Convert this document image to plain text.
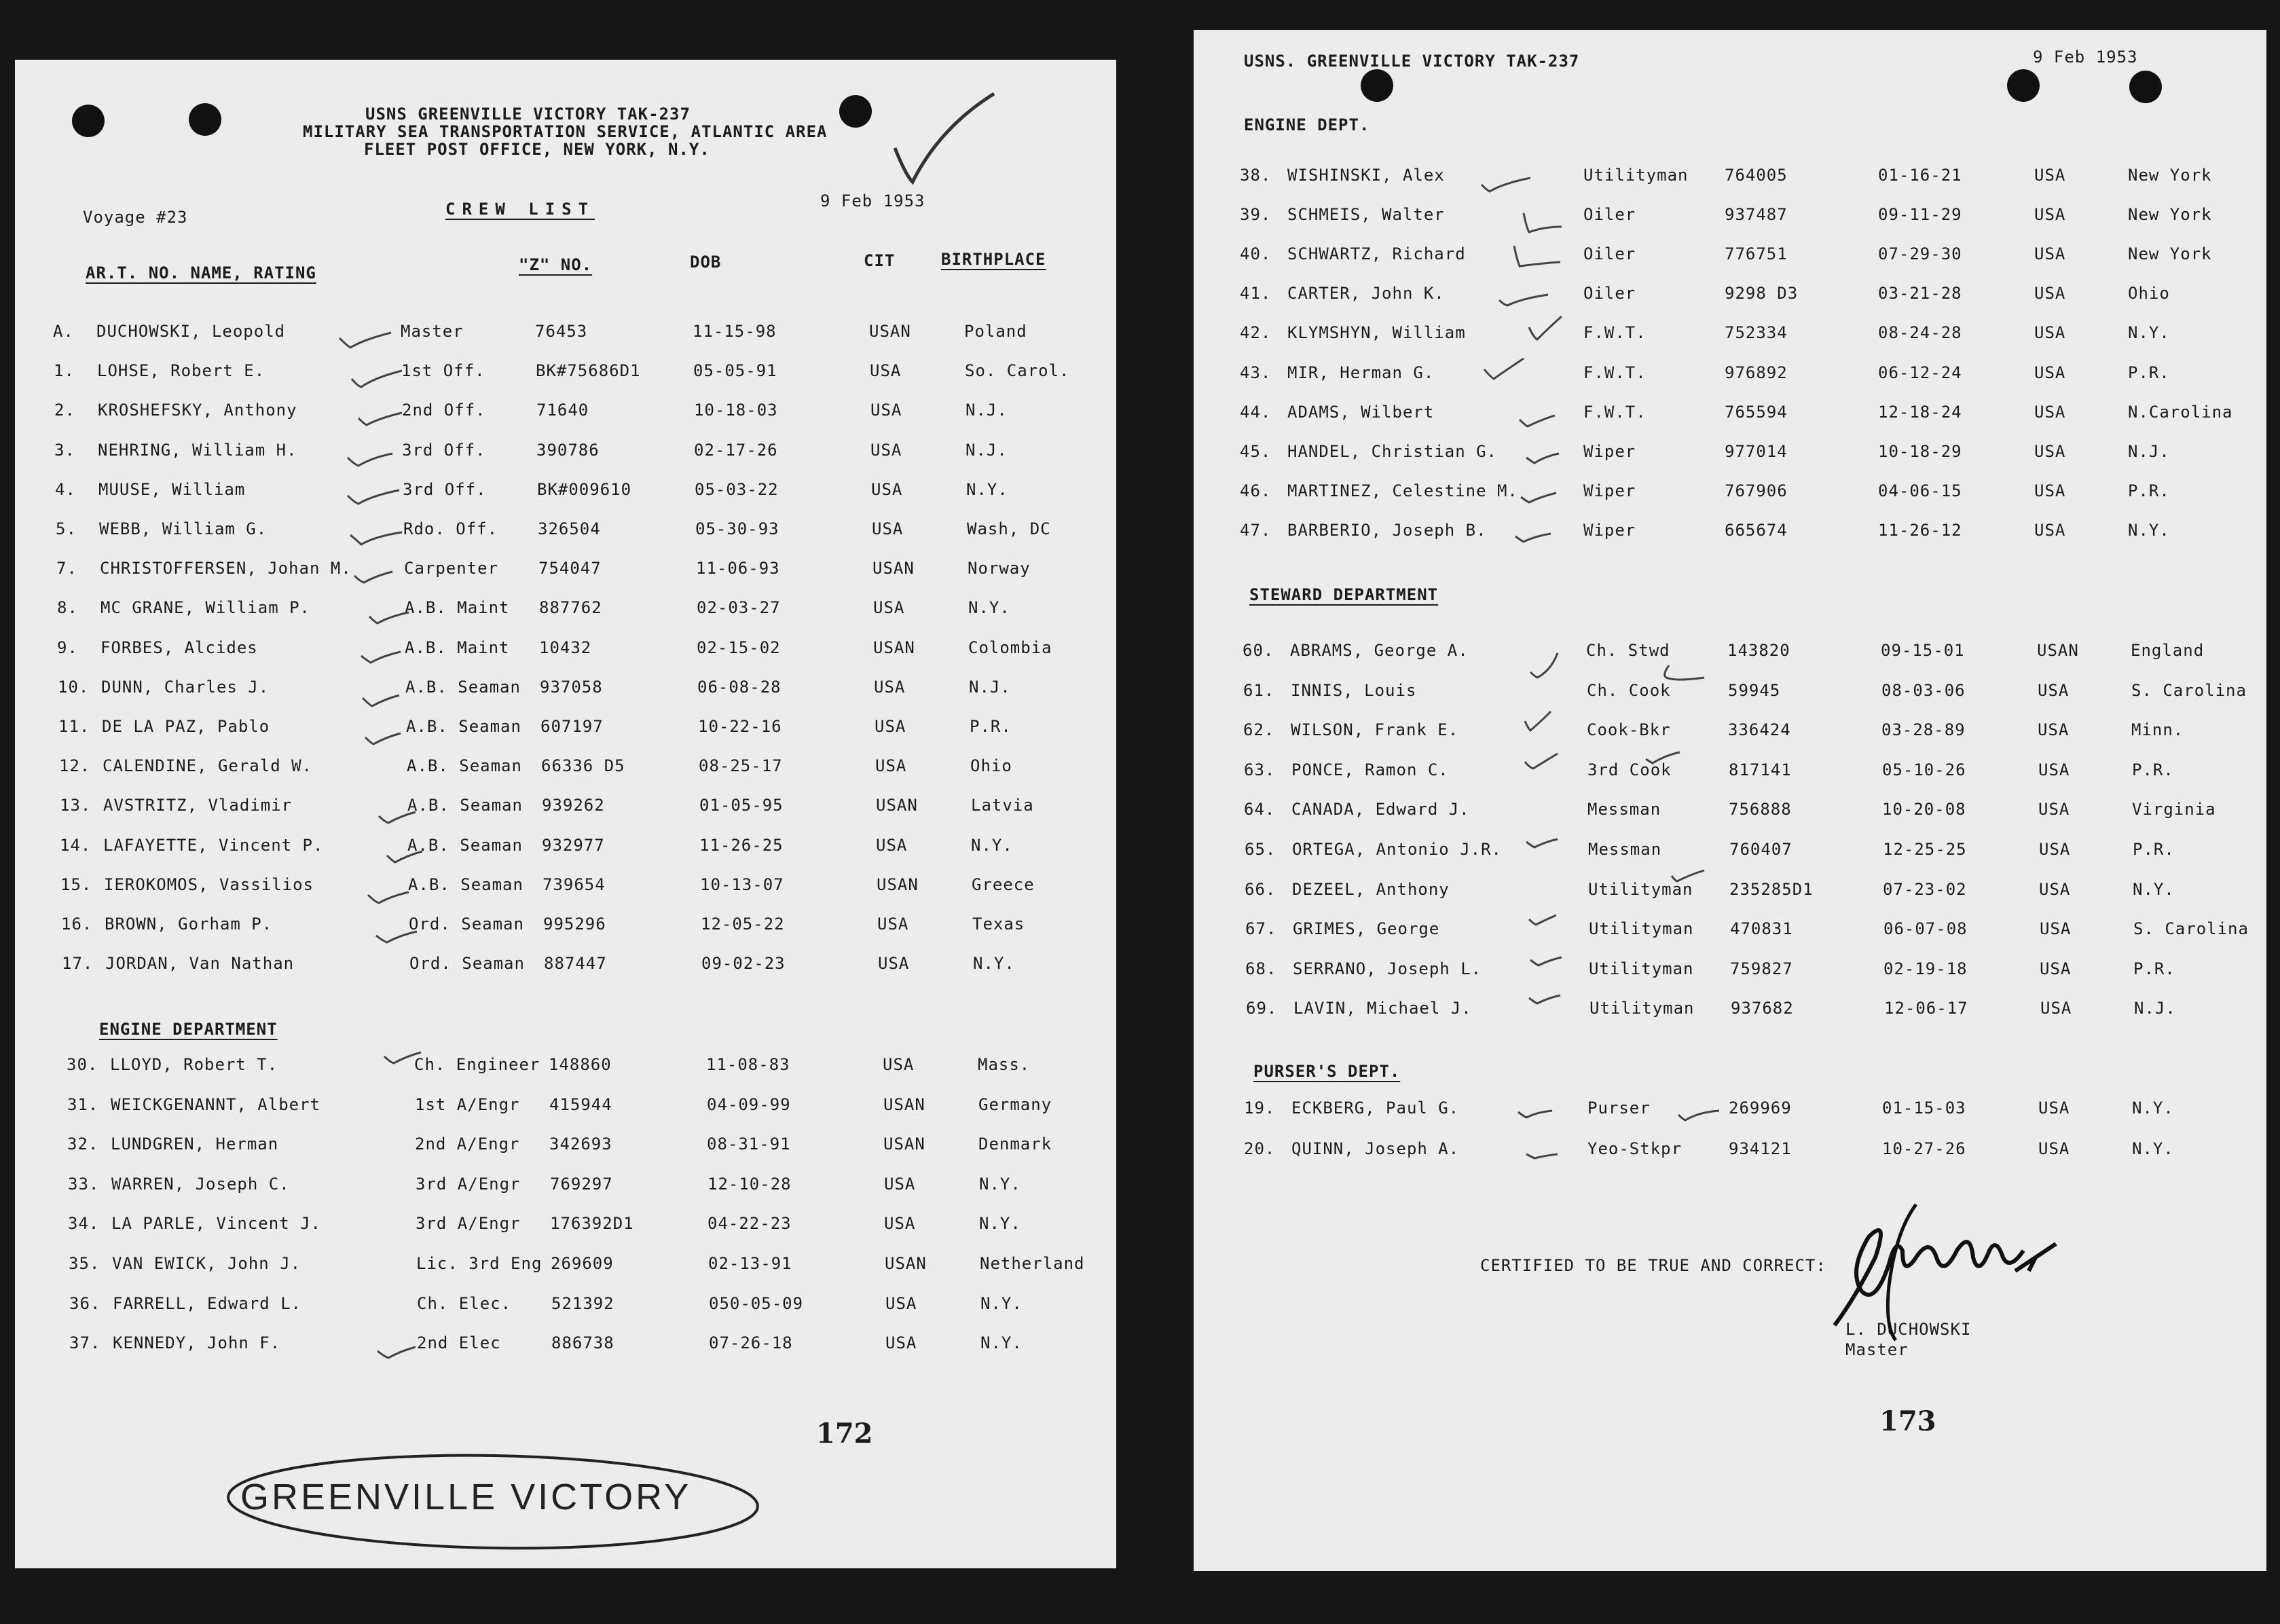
USNS GREENVILLE VICTORY TAK-237
MILITARY SEA TRANSPORTATION SERVICE, ATLANTIC AREA
FLEET POST OFFICE, NEW YORK, N.Y.
Voyage #23	CREW LIST	9 Feb 1953
AR.T. NO. NAME, RATING	"Z" NO.	DOB	CIT	BIRTHPLACE
A. DUCHOWSKI, Leopold	Master	76453	11-15-98	USAN	Poland
1. LOHSE, Robert E.	1st Off.	BK#75686D1	05-05-91	USA	So. Carol.
2. KROSHEFSKY, Anthony	2nd Off.	71640	10-18-03	USA	N.J.
3. NEHRING, William H.	3rd Off.	390786	02-17-26	USA	N.J.
4. MUUSE, William	3rd Off.	BK#009610	05-03-22	USA	N.Y.
5. WEBB, William G.	Rdo. Off. 326504	05-30-93	USA	Wash, DC
7. CHRISTOFFERSEN, Johan M.	Carpenter 754047	11-06-93	USAN	Norway
8. MC GRANE, William P.	A.B. Maint 887762	02-03-27	USA	N.Y.
9. FORBES, Alcides	A.B. Maint 10432	02-15-02	USAN	Colombia
10. DUNN, Charles J.	A.B. Seaman 937058	06-08-28	USA	N.J.
11. DE LA PAZ, Pablo	A.B. Seaman 607197	10-22-16	USA	P.R.
12. CALENDINE, Gerald W.	A.B. Seaman 66336 D5	08-25-17	USA	Ohio
13. AVSTRITZ, Vladimir	A.B. Seaman 939262	01-05-95	USAN	Latvia
14. LAFAYETTE, Vincent P.	A.B. Seaman 932977	11-26-25	USA	N.Y.
15. IEROKOMOS, Vassilios	A.B. Seaman 739654	10-13-07	USAN	Greece
16. BROWN, Gorham P.	Ord. Seaman 995296	12-05-22	USA	Texas
17. JORDAN, Van Nathan	Ord. Seaman 887447	09-02-23	USA	N.Y.
ENGINE DEPARTMENT
30. LLOYD, Robert T.	Ch. Engineer 148860	11-08-83	USA	Mass.
31. WEICKGENANNT, Albert	1st A/Engr 415944	04-09-99	USAN	Germany
32. LUNDGREN, Herman	2nd A/Engr 342693	08-31-91	USAN	Denmark
33. WARREN, Joseph C.	3rd A/Engr 769297	12-10-28	USA	N.Y.
34. LA PARLE, Vincent J.	3rd A/Engr 176392D1	04-22-23	USA	N.Y.
35. VAN EWICK, John J.	Lic. 3rd Eng 269609	02-13-91	USAN	Netherland
36. FARRELL, Edward L.	Ch. Elec. 521392	050-05-09	USA	N.Y.
37. KENNEDY, John F.	2nd Elec	886738	07-26-18	USA	N.Y.
172
GREENVILLE VICTORY
USNS. GREENVILLE VICTORY TAK-237	9 Feb 1953
ENGINE DEPT.
38. WISHINSKI, Alex	Utilityman 764005	01-16-21	USA	New York
39. SCHMEIS, Walter	Oiler	937487	09-11-29	USA	New York
40. SCHWARTZ, Richard	Oiler	776751	07-29-30	USA	New York
41. CARTER, John K.	Oiler	9298 D3	03-21-28	USA	Ohio
42. KLYMSHYN, William	F.W.T.	752334	08-24-28	USA	N.Y.
43. MIR, Herman G.	F.W.T.	976892	06-12-24	USA	P.R.
44. ADAMS, Wilbert	F.W.T.	765594	12-18-24	USA	N.Carolina
45. HANDEL, Christian G.	Wiper	977014	10-18-29	USA	N.J.
46. MARTINEZ, Celestine M.	Wiper	767906	04-06-15	USA	P.R.
47. BARBERIO, Joseph B.	Wiper	665674	11-26-12	USA	N.Y.
STEWARD DEPARTMENT
60. ABRAMS, George A.	Ch. Stwd	143820	09-15-01	USAN	England
61. INNIS, Louis	Ch. Cook	59945	08-03-06	USA	S. Carolina
62. WILSON, Frank E.	Cook-Bkr	336424	03-28-89	USA	Minn.
63. PONCE, Ramon C.	3rd Cook	817141	05-10-26	USA	P.R.
64. CANADA, Edward J.	Messman	756888	10-20-08	USA	Virginia
65. ORTEGA, Antonio J.R.	Messman	760407	12-25-25	USA	P.R.
66. DEZEEL, Anthony	Utilityman 235285D1	07-23-02	USA	N.Y.
67. GRIMES, George	Utilityman 470831	06-07-08	USA	S. Carolina
68. SERRANO, Joseph L.	Utilityman 759827	02-19-18	USA	P.R.
69. LAVIN, Michael J.	Utilityman 937682	12-06-17	USA	N.J.
PURSER'S DEPT.
19. ECKBERG, Paul G.	Purser	269969	01-15-03	USA	N.Y.
20. QUINN, Joseph A.	Yeo-Stkpr	934121	10-27-26	USA	N.Y.
CERTIFIED TO BE TRUE AND CORRECT:
L. DUCHOWSKI
Master
173
